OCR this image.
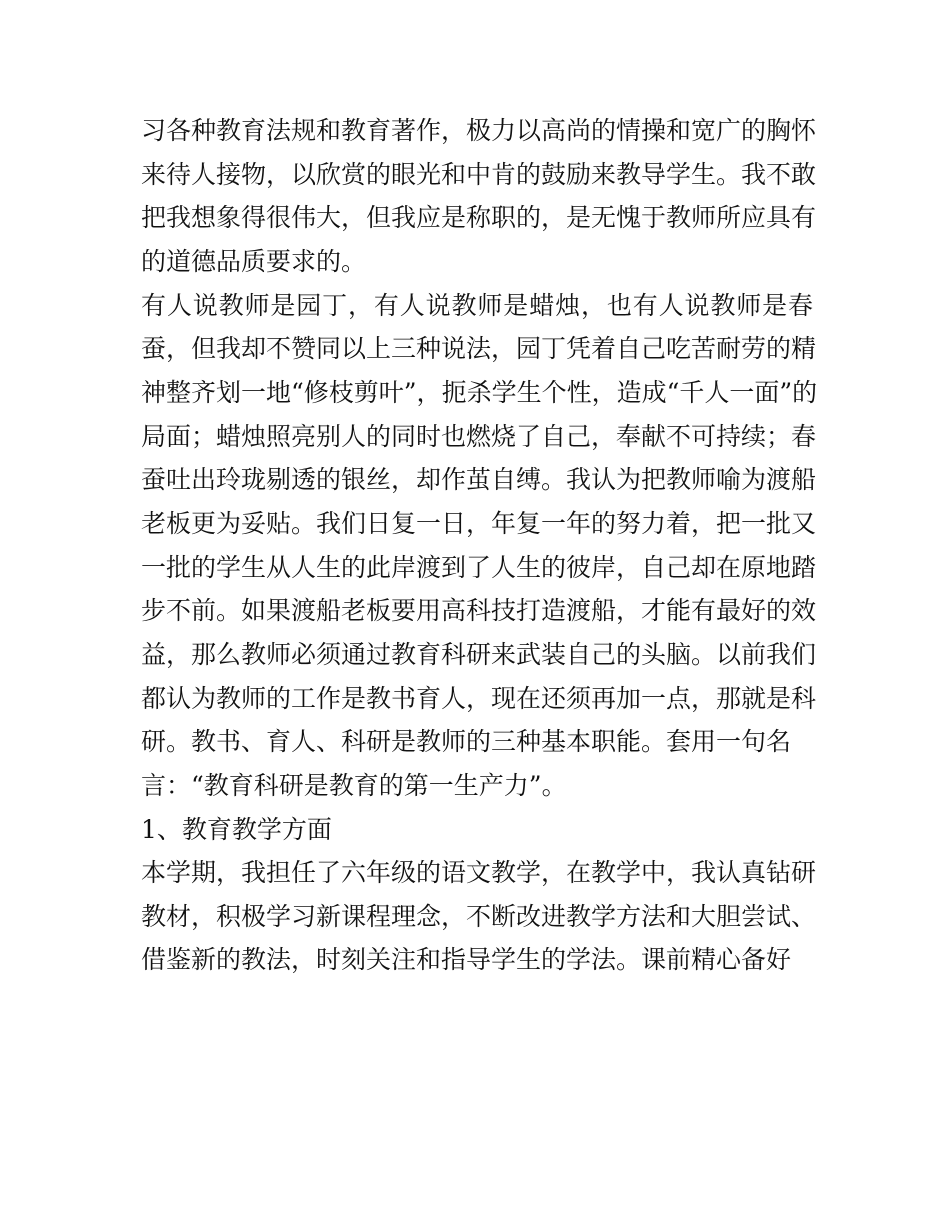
习各种教育法规和教育著作，极力以高尚的情操和宽广的胸怀

来待人接物，以欣赏的眼光和中肯的鼓励来教导学生。我不敢

把我想象得很伟大，但我应是称职的，是无愧于教师所应具有

的道德品质要求的。

有人说教师是园丁，有人说教师是蜡烛，也有人说教师是春

蚕，但我却不赞同以上三种说法，园丁凭着自己吃苦耐劳的精

神整齐划一地“修枝剪叶”，扼杀学生个性，造成“千人一面”的

局面；蜡烛照亮别人的同时也燃烧了自己，奉献不可持续；春

蚕吐出玲珑剔透的银丝，却作茧自缚。我认为把教师喻为渡船

老板更为妥贴。我们日复一日，年复一年的努力着，把一批又

一批的学生从人生的此岸渡到了人生的彼岸，自己却在原地踏

步不前。如果渡船老板要用高科技打造渡船，才能有最好的效

益，那么教师必须通过教育科研来武装自己的头脑。以前我们

都认为教师的工作是教书育人，现在还须再加一点，那就是科

研。教书、育人、科研是教师的三种基本职能。套用一句名

言：“教育科研是教育的第一生产力”。

1、教育教学方面

本学期，我担任了六年级的语文教学，在教学中，我认真钻研

教材，积极学习新课程理念，不断改进教学方法和大胆尝试、

借鉴新的教法，时刻关注和指导学生的学法。课前精心备好
